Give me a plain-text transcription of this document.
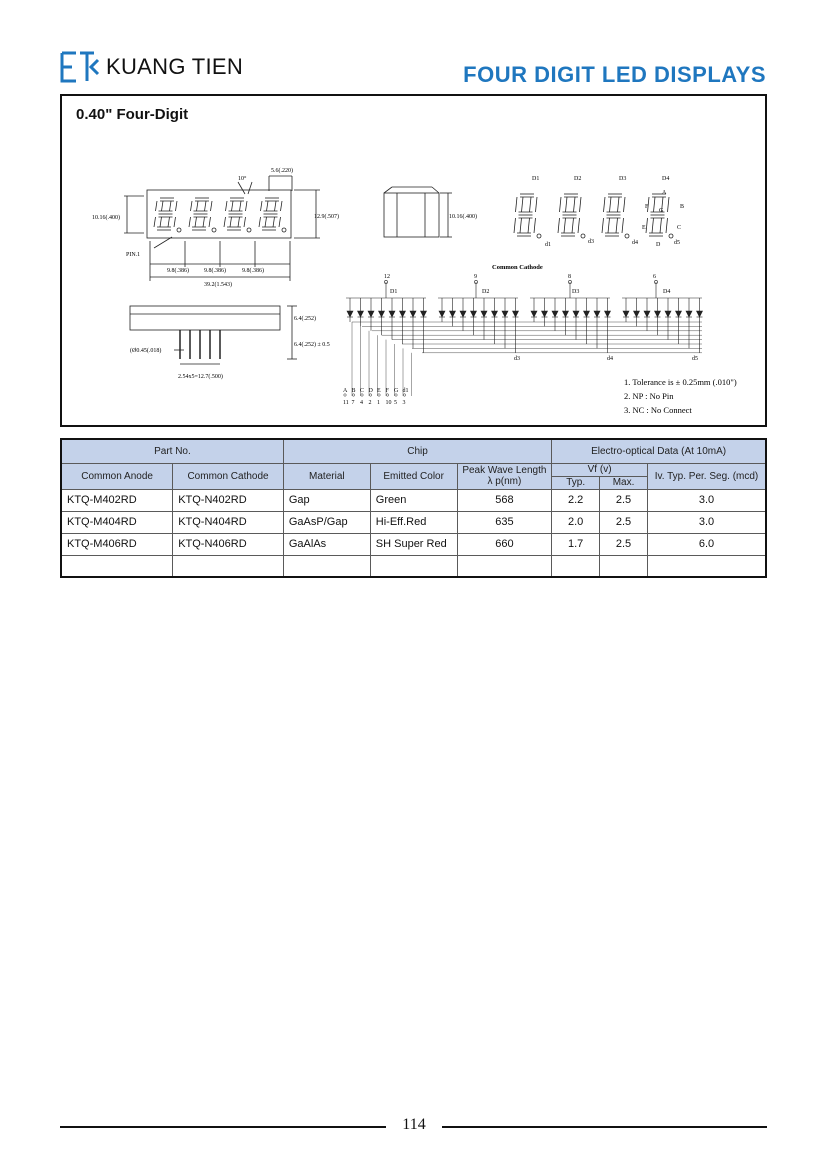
KUANG TIEN	FOUR DIGIT LED DISPLAYS
0.40" Four-Digit
10.16(.400)	12.9(.507)
10°
5.6(.220)
PIN.1
9.8(.386)	9.8(.386)	9.8(.386)
39.2(1.543)
10.16(.400)
6.4(.252)
6.4(.252) ± 0.5
(Ø0.45(.018)
2.54x5=12.7(.500)
D1	D2	D3	D4
A
B
C
D
E
F
G
d1	d3	d4	d5
Common Cathode
12	9	8	6
D1	D2	D3	D4
A B C D E F G d1
11 7 4 2 1 10 5 3
d3	d4	d5
1. Tolerance is ± 0.25mm (.010")
2. NP : No Pin
3. NC : No Connect
Part No.		Chip			Electro-optical Data (At 10mA)		
Common Anode	Common Cathode	Material	Emitted Color	Peak Wave Length
λ p(nm)	Vf (v)		Iv. Typ. Per. Seg. (mcd)
					Typ.	Max.	
KTQ-M402RD	KTQ-N402RD	Gap	Green	568	2.2	2.5	3.0
KTQ-M404RD	KTQ-N404RD	GaAsP/Gap	Hi-Eff.Red	635	2.0	2.5	3.0
KTQ-M406RD	KTQ-N406RD	GaAlAs	SH Super Red	660	1.7	2.5	6.0

114
